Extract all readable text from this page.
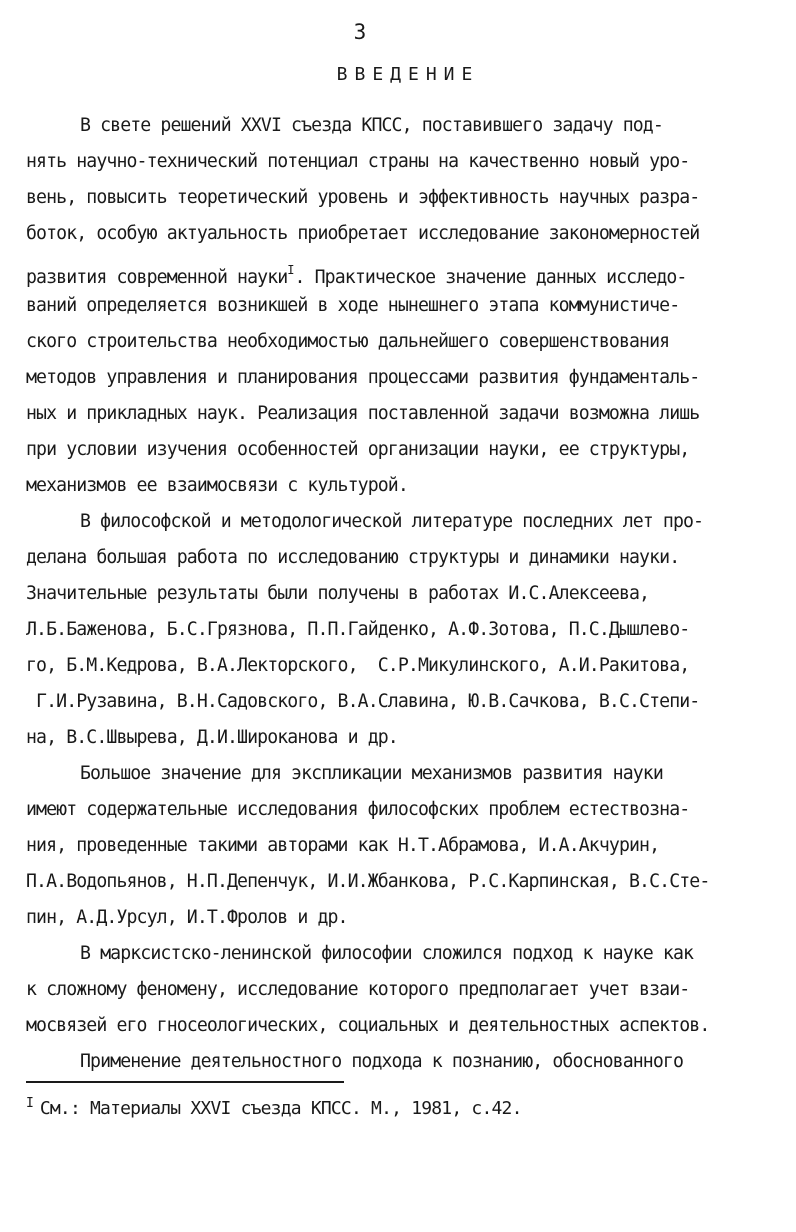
3
ВВЕДЕНИЕ
В свете решений XXVI съезда КПСС, поставившего задачу под-
нять научно-технический потенциал страны на качественно новый уро-
вень, повысить теоретический уровень и эффективность научных разра-
боток, особую актуальность приобретает исследование закономерностей
развития современной науки$^I$. Практическое значение данных исследо-
ваний определяется возникшей в ходе нынешнего этапа коммунистиче-
ского строительства необходимостью дальнейшего совершенствования
методов управления и планирования процессами развития фундаменталь-
ных и прикладных наук. Реализация поставленной задачи возможна лишь
при условии изучения особенностей организации науки, ее структуры,
механизмов ее взаимосвязи с культурой.
В философской и методологической литературе последних лет про-
делана большая работа по исследованию структуры и динамики науки.
Значительные результаты были получены в работах И.С.Алексеева,
Л.Б.Баженова, Б.С.Грязнова, П.П.Гайденко, А.Ф.Зотова, П.С.Дышлево-
го, Б.М.Кедрова, В.А.Лекторского,  С.Р.Микулинского, А.И.Ракитова,
Г.И.Рузавина, В.Н.Садовского, В.А.Славина, Ю.В.Сачкова, В.С.Степи-
на, В.С.Швырева, Д.И.Широканова и др.
Большое значение для экспликации механизмов развития науки
имеют содержательные исследования философских проблем естествозна-
ния, проведенные такими авторами как Н.Т.Абрамова, И.А.Акчурин,
П.А.Водопьянов, Н.П.Депенчук, И.И.Жбанкова, Р.С.Карпинская, В.С.Сте-
пин, А.Д.Урсул, И.Т.Фролов и др.
В марксистско-ленинской философии сложился подход к науке как
к сложному феномену, исследование которого предполагает учет взаи-
мосвязей его гносеологических, социальных и деятельностных аспектов.
Применение деятельностного подхода к познанию, обоснованного
$^I$ См.: Материалы XXVI съезда КПСС. М., 1981, с.42.
